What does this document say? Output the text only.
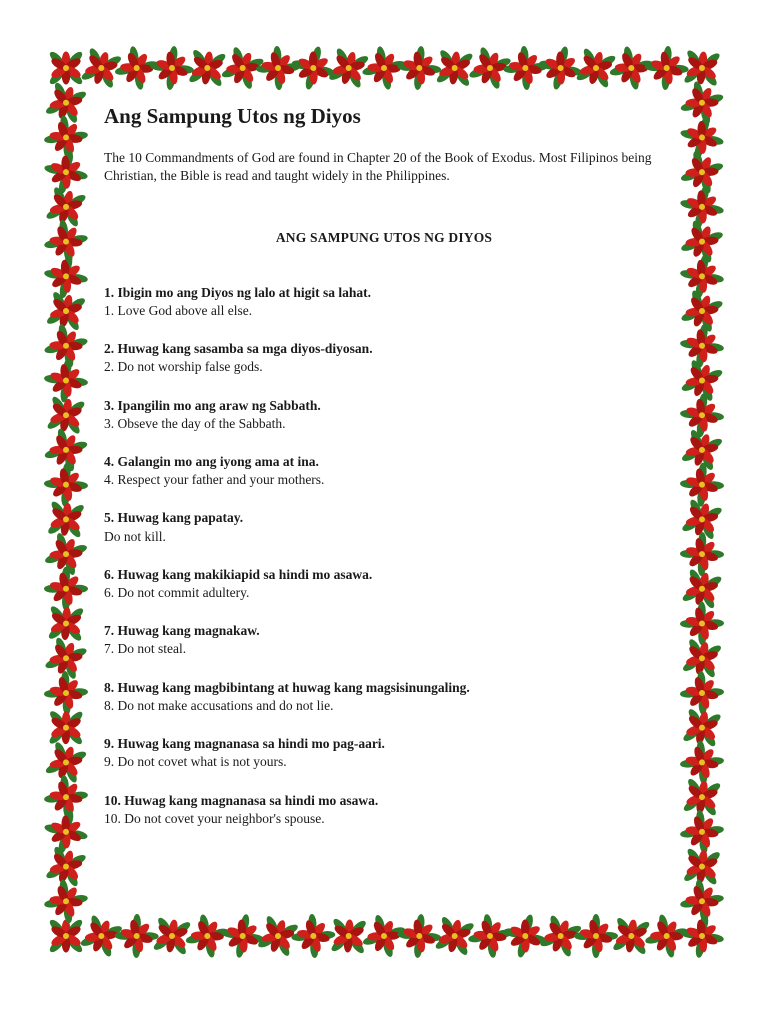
Ang Sampung Utos ng Diyos

The 10 Commandments of God are found in Chapter 20 of the Book of Exodus. Most Filipinos being Christian, the Bible is read and taught widely in the Philippines.

ANG SAMPUNG UTOS NG DIYOS

1. Ibigin mo ang Diyos ng lalo at higit sa lahat.

1. Love God above all else.

2. Huwag kang sasamba sa mga diyos-diyosan.

2. Do not worship false gods.

3. Ipangilin mo ang araw ng Sabbath.

3. Obseve the day of the Sabbath.

4. Galangin mo ang iyong ama at ina.

4. Respect your father and your mothers.

5. Huwag kang papatay.

Do not kill.

6. Huwag kang makikiapid sa hindi mo asawa.

6. Do not commit adultery.

7. Huwag kang magnakaw.

7. Do not steal.

8. Huwag kang magbibintang at huwag kang magsisinungaling.

8. Do not make accusations and do not lie.

9. Huwag kang magnanasa sa hindi mo pag-aari.

9. Do not covet what is not yours.

10. Huwag kang magnanasa sa hindi mo asawa.

10. Do not covet your neighbor's spouse.
